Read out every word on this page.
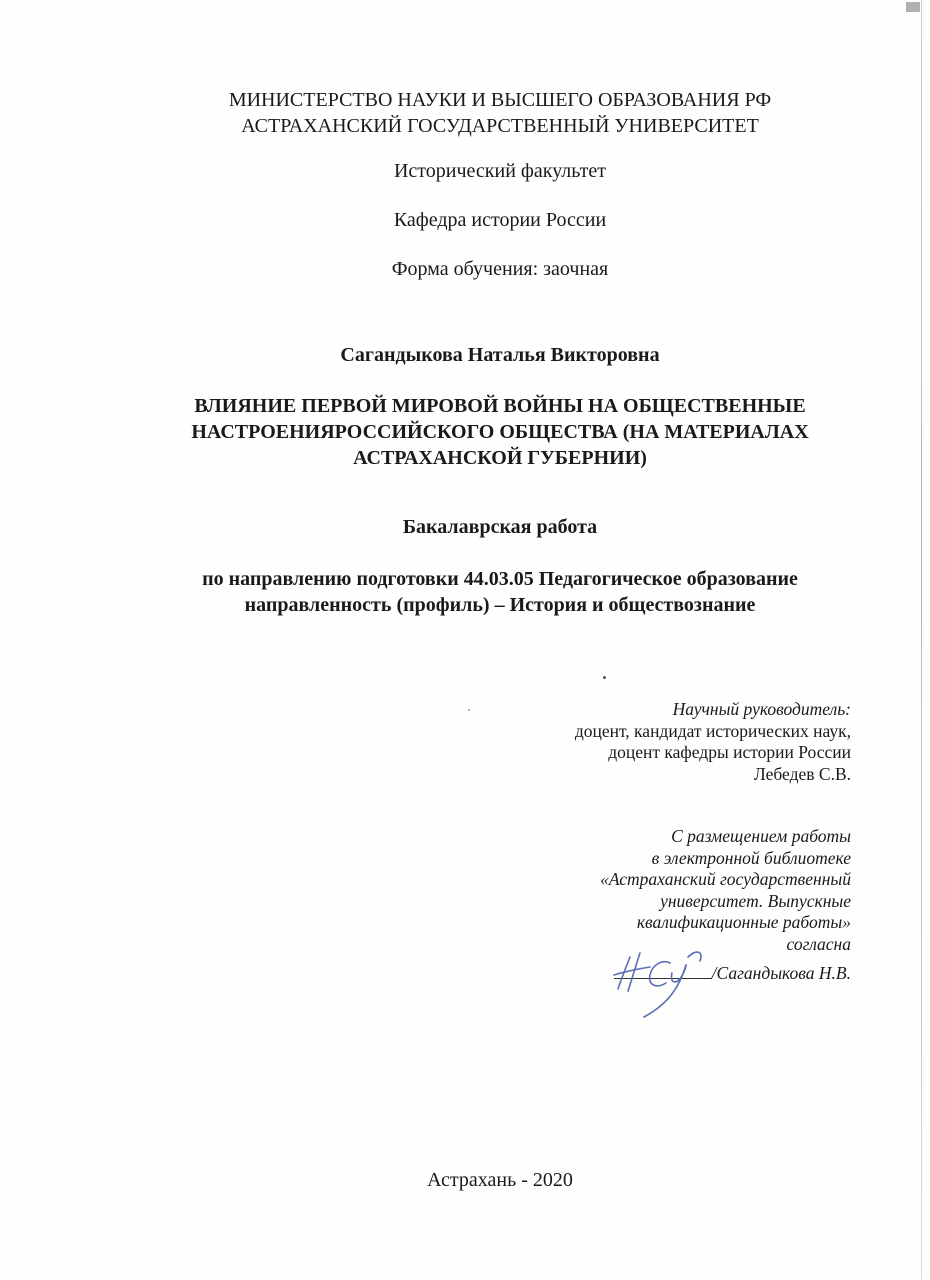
МИНИСТЕРСТВО НАУКИ И ВЫСШЕГО ОБРАЗОВАНИЯ РФ
АСТРАХАНСКИЙ ГОСУДАРСТВЕННЫЙ УНИВЕРСИТЕТ
Исторический факультет
Кафедра истории России
Форма обучения: заочная
Сагандыкова Наталья Викторовна
ВЛИЯНИЕ ПЕРВОЙ МИРОВОЙ ВОЙНЫ НА ОБЩЕСТВЕННЫЕ
НАСТРОЕНИЯРОССИЙСКОГО ОБЩЕСТВА (НА МАТЕРИАЛАХ
АСТРАХАНСКОЙ ГУБЕРНИИ)
Бакалаврская работа
по направлению подготовки 44.03.05 Педагогическое образование
направленность (профиль) – История и обществознание
Научный руководитель:
доцент, кандидат исторических наук,
доцент кафедры истории России
Лебедев С.В.
С размещением работы
в электронной библиотеке
«Астраханский государственный
университет. Выпускные
квалификационные работы»
согласна
/Сагандыкова Н.В.
Астрахань - 2020
